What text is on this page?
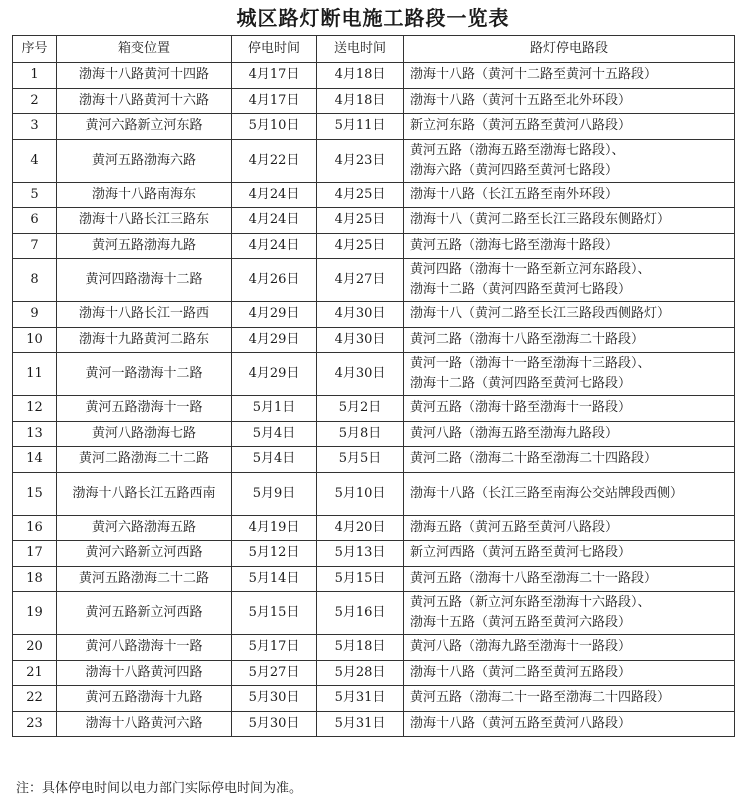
城区路灯断电施工路段一览表
序号	箱变位置	停电时间	送电时间	路灯停电路段
1	渤海十八路黄河十四路	4月17日	4月18日	渤海十八路（黄河十二路至黄河十五路段）
2	渤海十八路黄河十六路	4月17日	4月18日	渤海十八路（黄河十五路至北外环段）
3	黄河六路新立河东路	5月10日	5月11日	新立河东路（黄河五路至黄河八路段）
4	黄河五路渤海六路	4月22日	4月23日	黄河五路（渤海五路至渤海七路段）、
渤海六路（黄河四路至黄河七路段）
5	渤海十八路南海东	4月24日	4月25日	渤海十八路（长江五路至南外环段）
6	渤海十八路长江三路东	4月24日	4月25日	渤海十八（黄河二路至长江三路段东侧路灯）
7	黄河五路渤海九路	4月24日	4月25日	黄河五路（渤海七路至渤海十路段）
8	黄河四路渤海十二路	4月26日	4月27日	黄河四路（渤海十一路至新立河东路段）、
渤海十二路（黄河四路至黄河七路段）
9	渤海十八路长江一路西	4月29日	4月30日	渤海十八（黄河二路至长江三路段西侧路灯）
10	渤海十九路黄河二路东	4月29日	4月30日	黄河二路（渤海十八路至渤海二十路段）
11	黄河一路渤海十二路	4月29日	4月30日	黄河一路（渤海十一路至渤海十三路段）、
渤海十二路（黄河四路至黄河七路段）
12	黄河五路渤海十一路	5月1日	5月2日	黄河五路（渤海十路至渤海十一路段）
13	黄河八路渤海七路	5月4日	5月8日	黄河八路（渤海五路至渤海九路段）
14	黄河二路渤海二十二路	5月4日	5月5日	黄河二路（渤海二十路至渤海二十四路段）
15	渤海十八路长江五路西南	5月9日	5月10日	渤海十八路（长江三路至南海公交站牌段西侧）
16	黄河六路渤海五路	4月19日	4月20日	渤海五路（黄河五路至黄河八路段）
17	黄河六路新立河西路	5月12日	5月13日	新立河西路（黄河五路至黄河七路段）
18	黄河五路渤海二十二路	5月14日	5月15日	黄河五路（渤海十八路至渤海二十一路段）
19	黄河五路新立河西路	5月15日	5月16日	黄河五路（新立河东路至渤海十六路段）、
渤海十五路（黄河五路至黄河六路段）
20	黄河八路渤海十一路	5月17日	5月18日	黄河八路（渤海九路至渤海十一路段）
21	渤海十八路黄河四路	5月27日	5月28日	渤海十八路（黄河二路至黄河五路段）
22	黄河五路渤海十九路	5月30日	5月31日	黄河五路（渤海二十一路至渤海二十四路段）
23	渤海十八路黄河六路	5月30日	5月31日	渤海十八路（黄河五路至黄河八路段）
注：具体停电时间以电力部门实际停电时间为准。
